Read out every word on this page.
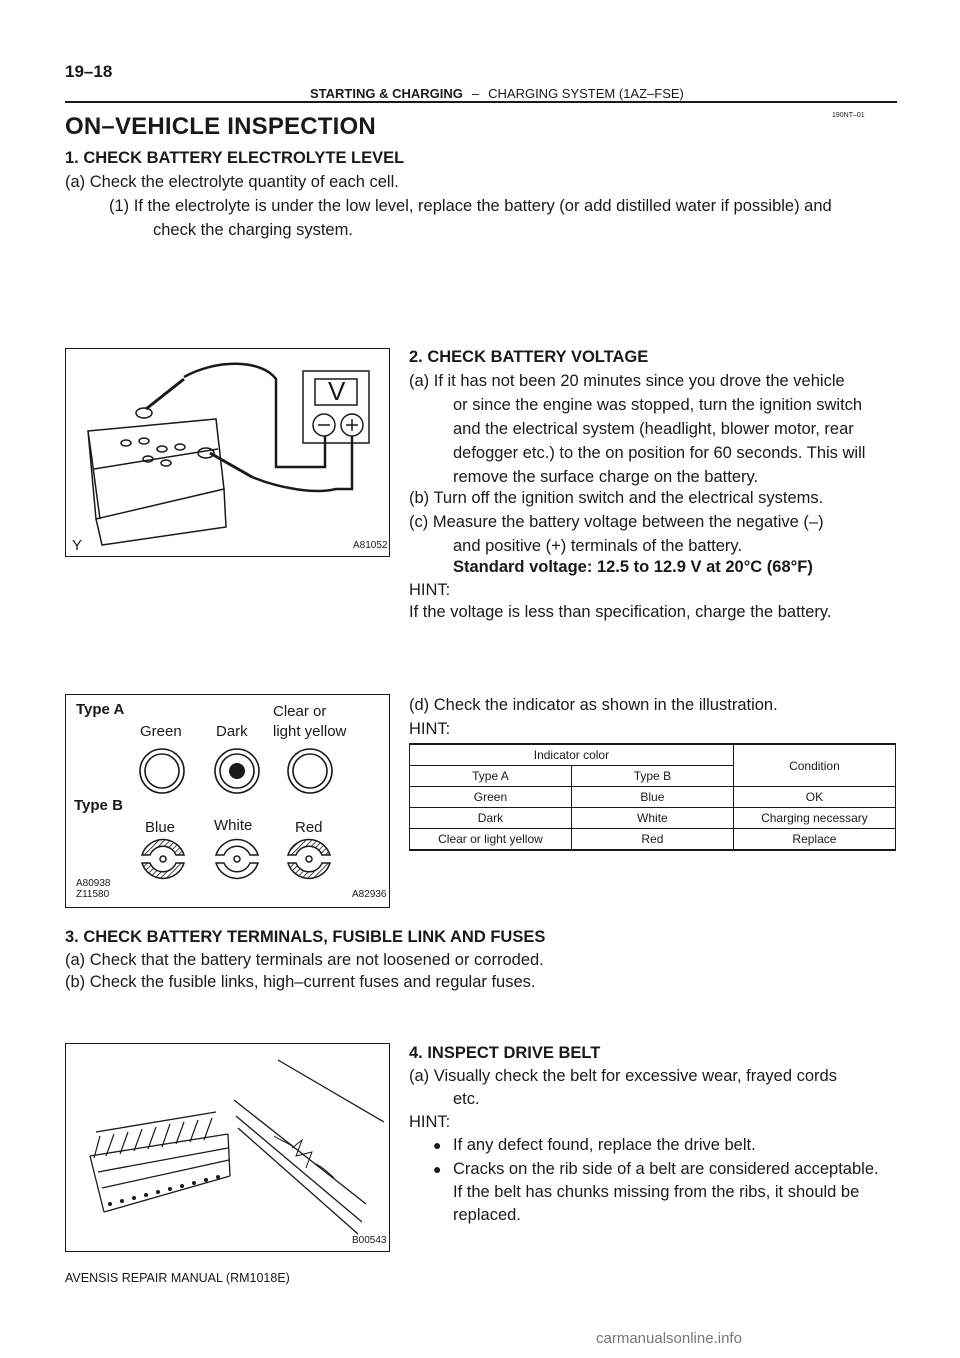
19–18
STARTING & CHARGING – CHARGING SYSTEM (1AZ–FSE)
190NT–01
ON–VEHICLE INSPECTION
1. CHECK BATTERY ELECTROLYTE LEVEL
(a) Check the electrolyte quantity of each cell.
(1) If the electrolyte is under the low level, replace the battery (or add distilled water if possible) and
check the charging system.
V
Y	A81052
2. CHECK BATTERY VOLTAGE
(a) If it has not been 20 minutes since you drove the vehicle
or since the engine was stopped, turn the ignition switch
and the electrical system (headlight, blower motor, rear
defogger etc.) to the on position for 60 seconds. This will
remove the surface charge on the battery.
(b) Turn off the ignition switch and the electrical systems.
(c) Measure the battery voltage between the negative (–)
and positive (+) terminals of the battery.
Standard voltage: 12.5 to 12.9 V at 20°C (68°F)
HINT:
If the voltage is less than specification, charge the battery.
(d) Check the indicator as shown in the illustration.
HINT:
Type A
Green Dark
Clear or
light yellow
Type B
Blue	White	Red
A80938
Z11580	A82936
Indicator color		Condition
Type A	Type B	
Green	Blue	OK
Dark	White	Charging necessary
Clear or light yellow	Red	Replace
3. CHECK BATTERY TERMINALS, FUSIBLE LINK AND FUSES
(a) Check that the battery terminals are not loosened or corroded.
(b) Check the fusible links, high–current fuses and regular fuses.
B00543
4. INSPECT DRIVE BELT
(a) Visually check the belt for excessive wear, frayed cords
etc.
HINT:
● If any defect found, replace the drive belt.
● Cracks on the rib side of a belt are considered acceptable.
If the belt has chunks missing from the ribs, it should be
replaced.
AVENSIS REPAIR MANUAL (RM1018E)
carmanualsonline.info
